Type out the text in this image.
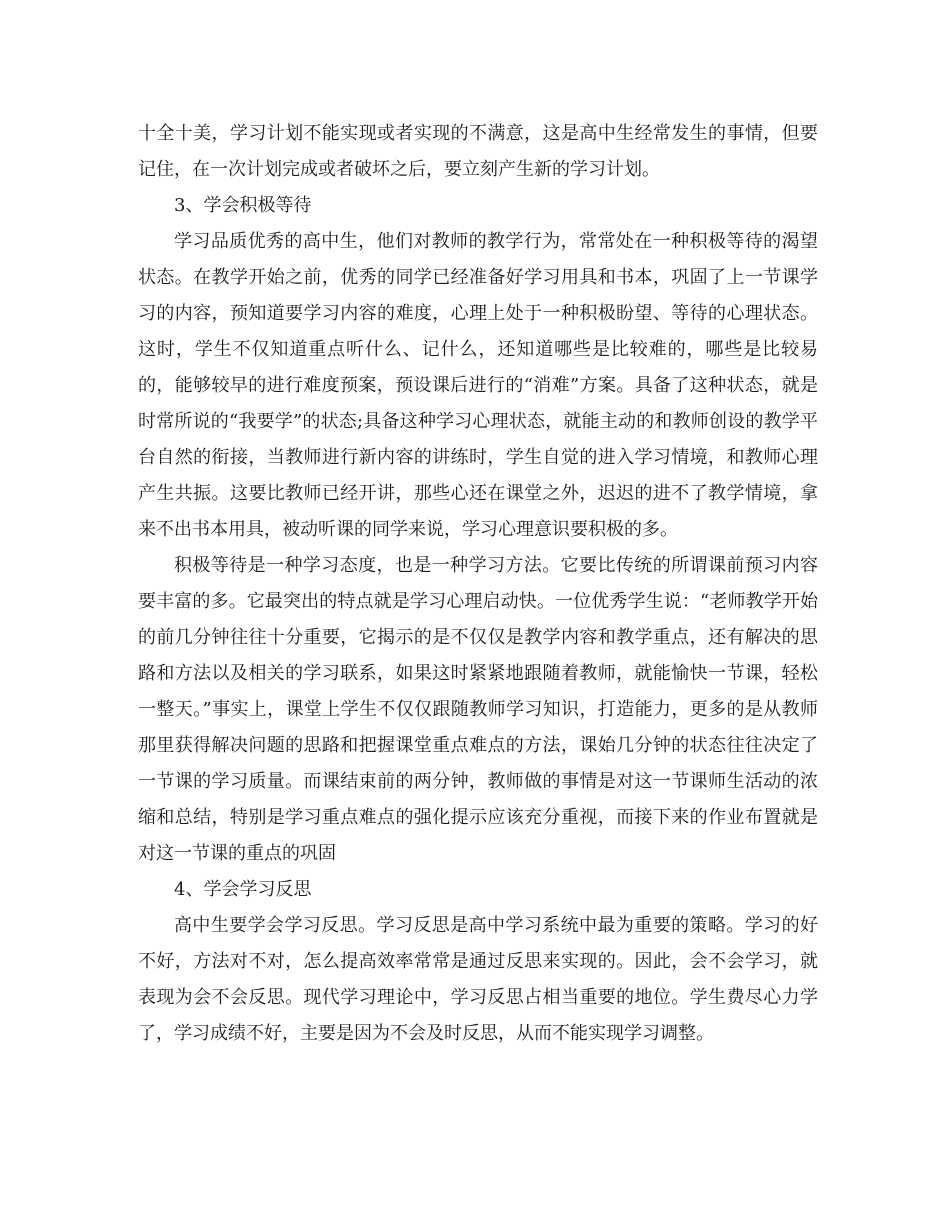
十全十美，学习计划不能实现或者实现的不满意，这是高中生经常发生的事情，但要记住，在一次计划完成或者破坏之后，要立刻产生新的学习计划。

3、学会积极等待

学习品质优秀的高中生，他们对教师的教学行为，常常处在一种积极等待的渴望状态。在教学开始之前，优秀的同学已经准备好学习用具和书本，巩固了上一节课学习的内容，预知道要学习内容的难度，心理上处于一种积极盼望、等待的心理状态。这时，学生不仅知道重点听什么、记什么，还知道哪些是比较难的，哪些是比较易的，能够较早的进行难度预案，预设课后进行的“消难”方案。具备了这种状态，就是时常所说的“我要学”的状态;具备这种学习心理状态，就能主动的和教师创设的教学平台自然的衔接，当教师进行新内容的讲练时，学生自觉的进入学习情境，和教师心理产生共振。这要比教师已经开讲，那些心还在课堂之外，迟迟的进不了教学情境，拿来不出书本用具，被动听课的同学来说，学习心理意识要积极的多。

积极等待是一种学习态度，也是一种学习方法。它要比传统的所谓课前预习内容要丰富的多。它最突出的特点就是学习心理启动快。一位优秀学生说：“老师教学开始的前几分钟往往十分重要，它揭示的是不仅仅是教学内容和教学重点，还有解决的思路和方法以及相关的学习联系，如果这时紧紧地跟随着教师，就能愉快一节课，轻松一整天。”事实上，课堂上学生不仅仅跟随教师学习知识，打造能力，更多的是从教师那里获得解决问题的思路和把握课堂重点难点的方法，课始几分钟的状态往往决定了一节课的学习质量。而课结束前的两分钟，教师做的事情是对这一节课师生活动的浓缩和总结，特别是学习重点难点的强化提示应该充分重视，而接下来的作业布置就是对这一节课的重点的巩固

4、学会学习反思

高中生要学会学习反思。学习反思是高中学习系统中最为重要的策略。学习的好不好，方法对不对，怎么提高效率常常是通过反思来实现的。因此，会不会学习，就表现为会不会反思。现代学习理论中，学习反思占相当重要的地位。学生费尽心力学了，学习成绩不好，主要是因为不会及时反思，从而不能实现学习调整。
